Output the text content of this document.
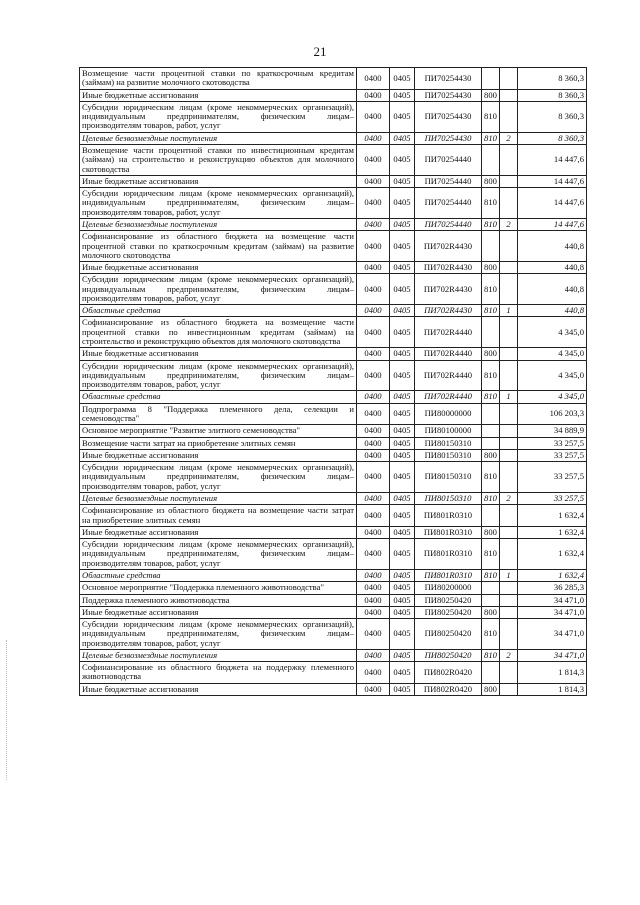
21
Возмещение части процентной ставки по краткосрочным кредитам (займам) на развитие молочного скотоводства	0400	0405	ПИ70254430			8 360,3
Иные бюджетные ассигнования	0400	0405	ПИ70254430	800		8 360,3
Субсидии юридическим лицам (кроме некоммерческих организаций), индивидуальным предпринимателям, физическим лицам–производителям товаров, работ, услуг	0400	0405	ПИ70254430	810		8 360,3
Целевые безвозмездные поступления	0400	0405	ПИ70254430	810	2	8 360,3
Возмещение части процентной ставки по инвестиционным кредитам (займам) на строительство и реконструкцию объектов для молочного скотоводства	0400	0405	ПИ70254440			14 447,6
Иные бюджетные ассигнования	0400	0405	ПИ70254440	800		14 447,6
Субсидии юридическим лицам (кроме некоммерческих организаций), индивидуальным предпринимателям, физическим лицам–производителям товаров, работ, услуг	0400	0405	ПИ70254440	810		14 447,6
Целевые безвозмездные поступления	0400	0405	ПИ70254440	810	2	14 447,6
Софинансирование из областного бюджета на возмещение части процентной ставки по краткосрочным кредитам (займам) на развитие молочного скотоводства	0400	0405	ПИ702R4430			440,8
Иные бюджетные ассигнования	0400	0405	ПИ702R4430	800		440,8
Субсидии юридическим лицам (кроме некоммерческих организаций), индивидуальным предпринимателям, физическим лицам–производителям товаров, работ, услуг	0400	0405	ПИ702R4430	810		440,8
Областные средства	0400	0405	ПИ702R4430	810	1	440,8
Софинансирование из областного бюджета на возмещение части процентной ставки по инвестиционным кредитам (займам) на строительство и реконструкцию объектов для молочного скотоводства	0400	0405	ПИ702R4440			4 345,0
Иные бюджетные ассигнования	0400	0405	ПИ702R4440	800		4 345,0
Субсидии юридическим лицам (кроме некоммерческих организаций), индивидуальным предпринимателям, физическим лицам–производителям товаров, работ, услуг	0400	0405	ПИ702R4440	810		4 345,0
Областные средства	0400	0405	ПИ702R4440	810	1	4 345,0
Подпрограмма 8 "Поддержка племенного дела, селекции и семеноводства"	0400	0405	ПИ80000000			106 203,3
Основное мероприятие "Развитие элитного семеноводства"	0400	0405	ПИ80100000			34 889,9
Возмещение части затрат на приобретение элитных семян	0400	0405	ПИ80150310			33 257,5
Иные бюджетные ассигнования	0400	0405	ПИ80150310	800		33 257,5
Субсидии юридическим лицам (кроме некоммерческих организаций), индивидуальным предпринимателям, физическим лицам–производителям товаров, работ, услуг	0400	0405	ПИ80150310	810		33 257,5
Целевые безвозмездные поступления	0400	0405	ПИ80150310	810	2	33 257,5
Софинансирование из областного бюджета на возмещение части затрат на приобретение элитных семян	0400	0405	ПИ801R0310			1 632,4
Иные бюджетные ассигнования	0400	0405	ПИ801R0310	800		1 632,4
Субсидии юридическим лицам (кроме некоммерческих организаций), индивидуальным предпринимателям, физическим лицам–производителям товаров, работ, услуг	0400	0405	ПИ801R0310	810		1 632,4
Областные средства	0400	0405	ПИ801R0310	810	1	1 632,4
Основное мероприятие "Поддержка племенного животноводства"	0400	0405	ПИ80200000			36 285,3
Поддержка племенного животноводства	0400	0405	ПИ80250420			34 471,0
Иные бюджетные ассигнования	0400	0405	ПИ80250420	800		34 471,0
Субсидии юридическим лицам (кроме некоммерческих организаций), индивидуальным предпринимателям, физическим лицам–производителям товаров, работ, услуг	0400	0405	ПИ80250420	810		34 471,0
Целевые безвозмездные поступления	0400	0405	ПИ80250420	810	2	34 471,0
Софинансирование из областного бюджета на поддержку племенного животноводства	0400	0405	ПИ802R0420			1 814,3
Иные бюджетные ассигнования	0400	0405	ПИ802R0420	800		1 814,3
